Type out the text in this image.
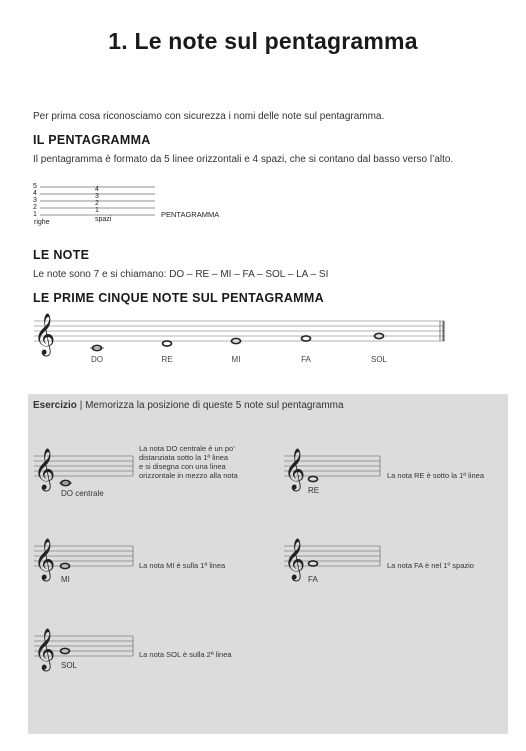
1. Le note sul pentagramma
Per prima cosa riconosciamo con sicurezza i nomi delle note sul pentagramma.
IL PENTAGRAMMA
Il pentagramma è formato da 5 linee orizzontali e 4 spazi, che si contano dal basso verso l’alto.
5
4
3
2
1
righe
4
3
2
1
spazi
PENTAGRAMMA
LE NOTE
Le note sono 7 e si chiamano: DO – RE – MI – FA – SOL – LA – SI
LE PRIME CINQUE NOTE SUL PENTAGRAMMA
𝄞
DO	RE	MI	FA	SOL
Esercizio | Memorizza la posizione di queste 5 note sul pentagramma
𝄞	𝄞
𝄞	𝄞
𝄞
DO centrale
La nota DO centrale è un po’
distanziata sotto la 1ª linea
e si disegna con una linea
orizzontale in mezzo alla nota
RE
La nota RE è sotto la 1ª linea
MI
La nota MI è sulla 1ª linea
FA
La nota FA è nel 1º spazio
SOL
La nota SOL è sulla 2ª linea
